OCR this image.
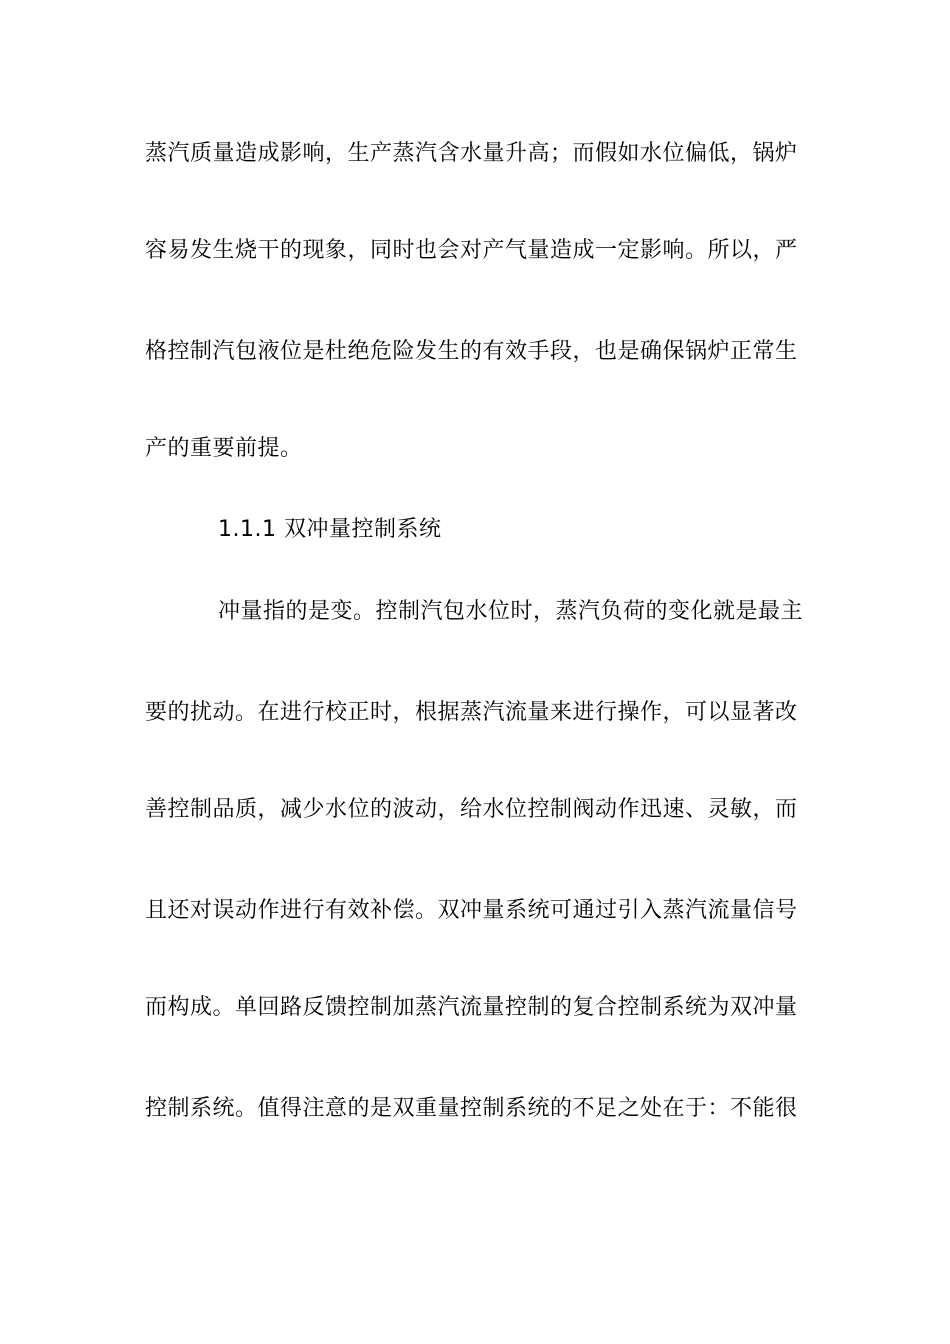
蒸汽质量造成影响，生产蒸汽含水量升高；而假如水位偏低，锅炉
容易发生烧干的现象，同时也会对产气量造成一定影响。所以，严
格控制汽包液位是杜绝危险发生的有效手段，也是确保锅炉正常生
产的重要前提。
1.1.1 双冲量控制系统
冲量指的是变。控制汽包水位时，蒸汽负荷的变化就是最主
要的扰动。在进行校正时，根据蒸汽流量来进行操作，可以显著改
善控制品质，减少水位的波动，给水位控制阀动作迅速、灵敏，而
且还对误动作进行有效补偿。双冲量系统可通过引入蒸汽流量信号
而构成。单回路反馈控制加蒸汽流量控制的复合控制系统为双冲量
控制系统。值得注意的是双重量控制系统的不足之处在于：不能很
